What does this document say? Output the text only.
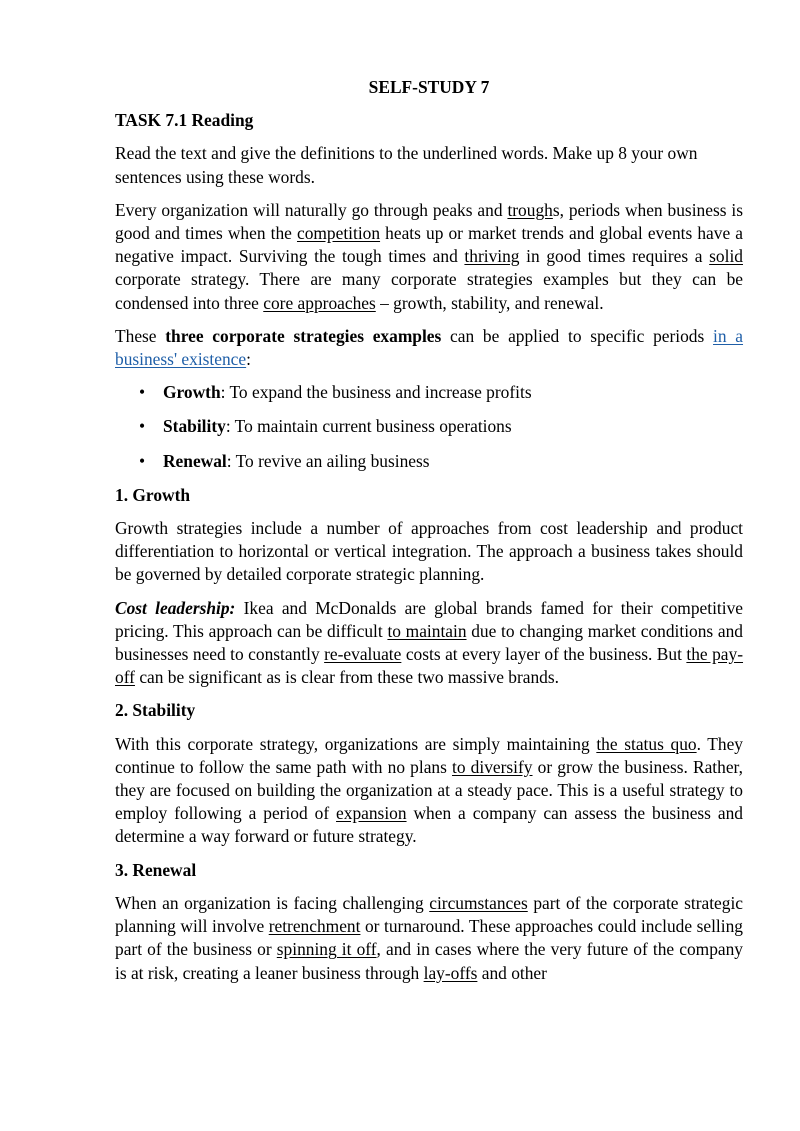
SELF-STUDY 7
TASK 7.1 Reading

Read the text and give the definitions to the underlined words. Make up 8 your own sentences using these words.

Every organization will naturally go through peaks and troughs, periods when business is good and times when the competition heats up or market trends and global events have a negative impact. Surviving the tough times and thriving in good times requires a solid corporate strategy. There are many corporate strategies examples but they can be condensed into three core approaches – growth, stability, and renewal.

These three corporate strategies examples can be applied to specific periods in a business' existence:

• Growth: To expand the business and increase profits
• Stability: To maintain current business operations
• Renewal: To revive an ailing business
1. Growth

Growth strategies include a number of approaches from cost leadership and product differentiation to horizontal or vertical integration. The approach a business takes should be governed by detailed corporate strategic planning.

Cost leadership: Ikea and McDonalds are global brands famed for their competitive pricing. This approach can be difficult to maintain due to changing market conditions and businesses need to constantly re-evaluate costs at every layer of the business. But the pay-off can be significant as is clear from these two massive brands.

2. Stability

With this corporate strategy, organizations are simply maintaining the status quo. They continue to follow the same path with no plans to diversify or grow the business. Rather, they are focused on building the organization at a steady pace. This is a useful strategy to employ following a period of expansion when a company can assess the business and determine a way forward or future strategy.

3. Renewal

When an organization is facing challenging circumstances part of the corporate strategic planning will involve retrenchment or turnaround. These approaches could include selling part of the business or spinning it off, and in cases where the very future of the company is at risk, creating a leaner business through lay-offs and other
